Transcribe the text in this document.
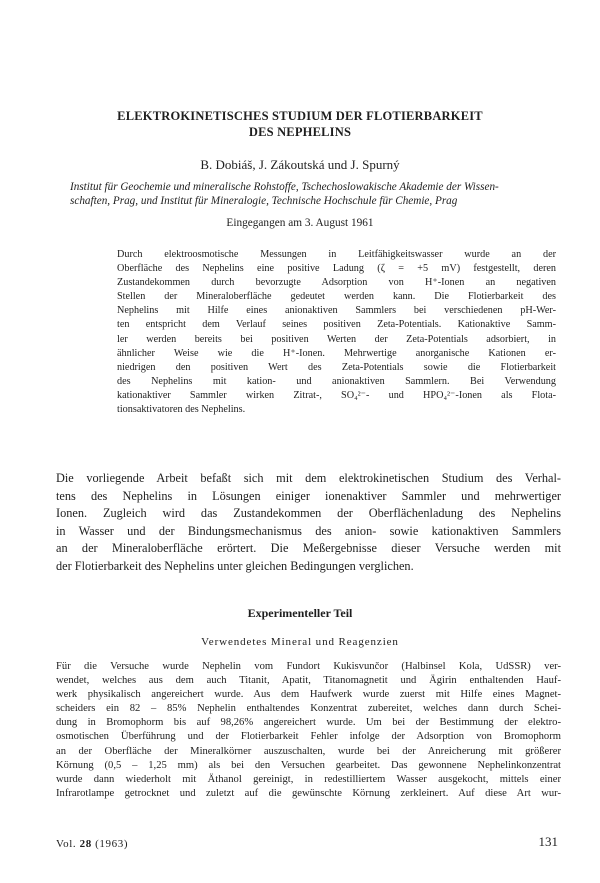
ELEKTROKINETISCHES STUDIUM DER FLOTIERBARKEIT
DES NEPHELINS
B. Dobiáš, J. Zákoutská und J. Spurný
Institut für Geochemie und mineralische Rohstoffe, Tschechoslowakische Akademie der Wissen-
schaften, Prag, und Institut für Mineralogie, Technische Hochschule für Chemie, Prag
Eingegangen am 3. August 1961
Durch elektroosmotische Messungen in Leitfähigkeitswasser wurde an der
Oberfläche des Nephelins eine positive Ladung (ζ = +5 mV) festgestellt, deren
Zustandekommen durch bevorzugte Adsorption von H⁺-Ionen an negativen
Stellen der Mineraloberfläche gedeutet werden kann. Die Flotierbarkeit des
Nephelins mit Hilfe eines anionaktiven Sammlers bei verschiedenen pH-Wer-
ten entspricht dem Verlauf seines positiven Zeta-Potentials. Kationaktive Samm-
ler werden bereits bei positiven Werten der Zeta-Potentials adsorbiert, in
ähnlicher Weise wie die H⁺-Ionen. Mehrwertige anorganische Kationen er-
niedrigen den positiven Wert des Zeta-Potentials sowie die Flotierbarkeit
des Nephelins mit kation- und anionaktiven Sammlern. Bei Verwendung
kationaktiver Sammler wirken Zitrat-, SO₄²⁻- und HPO₄²⁻-Ionen als Flota-
tionsaktivatoren des Nephelins.
Die vorliegende Arbeit befaßt sich mit dem elektrokinetischen Studium des Verhal-
tens des Nephelins in Lösungen einiger ionenaktiver Sammler und mehrwertiger
Ionen. Zugleich wird das Zustandekommen der Oberflächenladung des Nephelins
in Wasser und der Bindungsmechanismus des anion- sowie kationaktiven Sammlers
an der Mineraloberfläche erörtert. Die Meßergebnisse dieser Versuche werden mit
der Flotierbarkeit des Nephelins unter gleichen Bedingungen verglichen.
Experimenteller Teil
Verwendetes Mineral und Reagenzien
Für die Versuche wurde Nephelin vom Fundort Kukisvunčor (Halbinsel Kola, UdSSR) ver-
wendet, welches aus dem auch Titanit, Apatit, Titanomagnetit und Ägirin enthaltenden Hauf-
werk physikalisch angereichert wurde. Aus dem Haufwerk wurde zuerst mit Hilfe eines Magnet-
scheiders ein 82 – 85% Nephelin enthaltendes Konzentrat zubereitet, welches dann durch Schei-
dung in Bromophorm bis auf 98,26% angereichert wurde. Um bei der Bestimmung der elektro-
osmotischen Überführung und der Flotierbarkeit Fehler infolge der Adsorption von Bromophorm
an der Oberfläche der Mineralkörner auszuschalten, wurde bei der Anreicherung mit größerer
Körnung (0,5 – 1,25 mm) als bei den Versuchen gearbeitet. Das gewonnene Nephelinkonzentrat
wurde dann wiederholt mit Äthanol gereinigt, in redestilliertem Wasser ausgekocht, mittels einer
Infrarotlampe getrocknet und zuletzt auf die gewünschte Körnung zerkleinert. Auf diese Art wur-
Vol. 28 (1963)	131
